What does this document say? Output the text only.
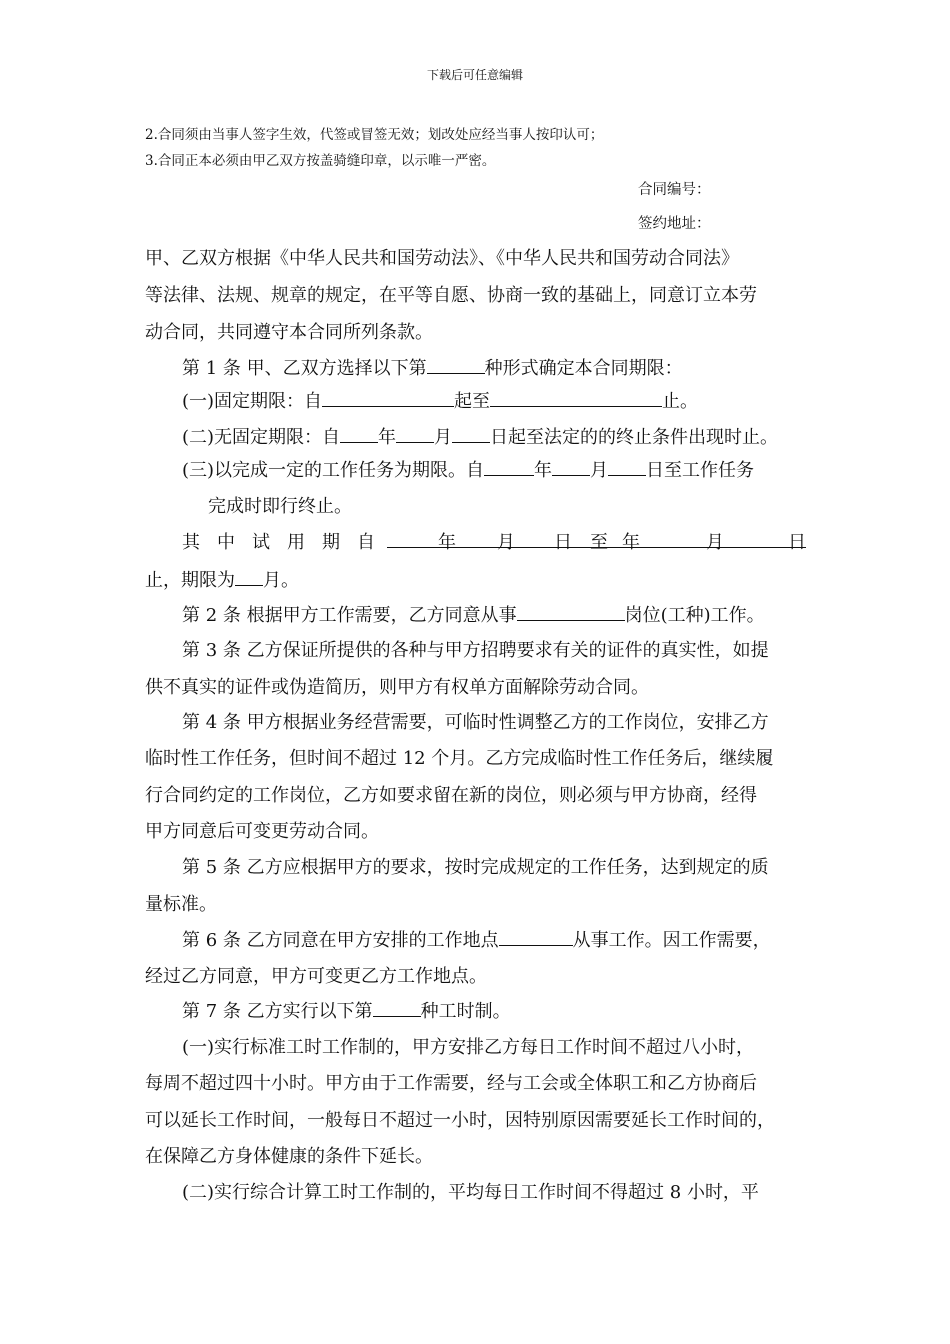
下载后可任意编辑
2.合同须由当事人签字生效，代签或冒签无效；划改处应经当事人按印认可；
3.合同正本必须由甲乙双方按盖骑缝印章，以示唯一严密。
合同编号：
签约地址：
甲、乙双方根据《中华人民共和国劳动法》、《中华人民共和国劳动合同法》
等法律、法规、规章的规定，在平等自愿、协商一致的基础上，同意订立本劳
动合同，共同遵守本合同所列条款。
第 1 条 甲、乙双方选择以下第	种形式确定本合同期限：
(一)固定期限：自	起至	止。
(二)无固定期限：自 年 月 日起至法定的的终止条件出现时止。
(三)以完成一定的工作任务为期限。自	年 月 日至工作任务
完成时即行终止。
其 中 试 用 期 自	年 月 日 至 年	月	日
止，期限为 月。
第 2 条 根据甲方工作需要，乙方同意从事	岗位(工种)工作。
第 3 条 乙方保证所提供的各种与甲方招聘要求有关的证件的真实性，如提
供不真实的证件或伪造简历，则甲方有权单方面解除劳动合同。
第 4 条 甲方根据业务经营需要，可临时性调整乙方的工作岗位，安排乙方
临时性工作任务，但时间不超过 12 个月。乙方完成临时性工作任务后，继续履
行合同约定的工作岗位，乙方如要求留在新的岗位，则必须与甲方协商，经得
甲方同意后可变更劳动合同。
第 5 条 乙方应根据甲方的要求，按时完成规定的工作任务，达到规定的质
量标准。
第 6 条 乙方同意在甲方安排的工作地点	从事工作。因工作需要，
经过乙方同意，甲方可变更乙方工作地点。
第 7 条 乙方实行以下第	种工时制。
(一)实行标准工时工作制的，甲方安排乙方每日工作时间不超过八小时，
每周不超过四十小时。甲方由于工作需要，经与工会或全体职工和乙方协商后
可以延长工作时间，一般每日不超过一小时，因特别原因需要延长工作时间的，
在保障乙方身体健康的条件下延长。
(二)实行综合计算工时工作制的，平均每日工作时间不得超过 8 小时，平
